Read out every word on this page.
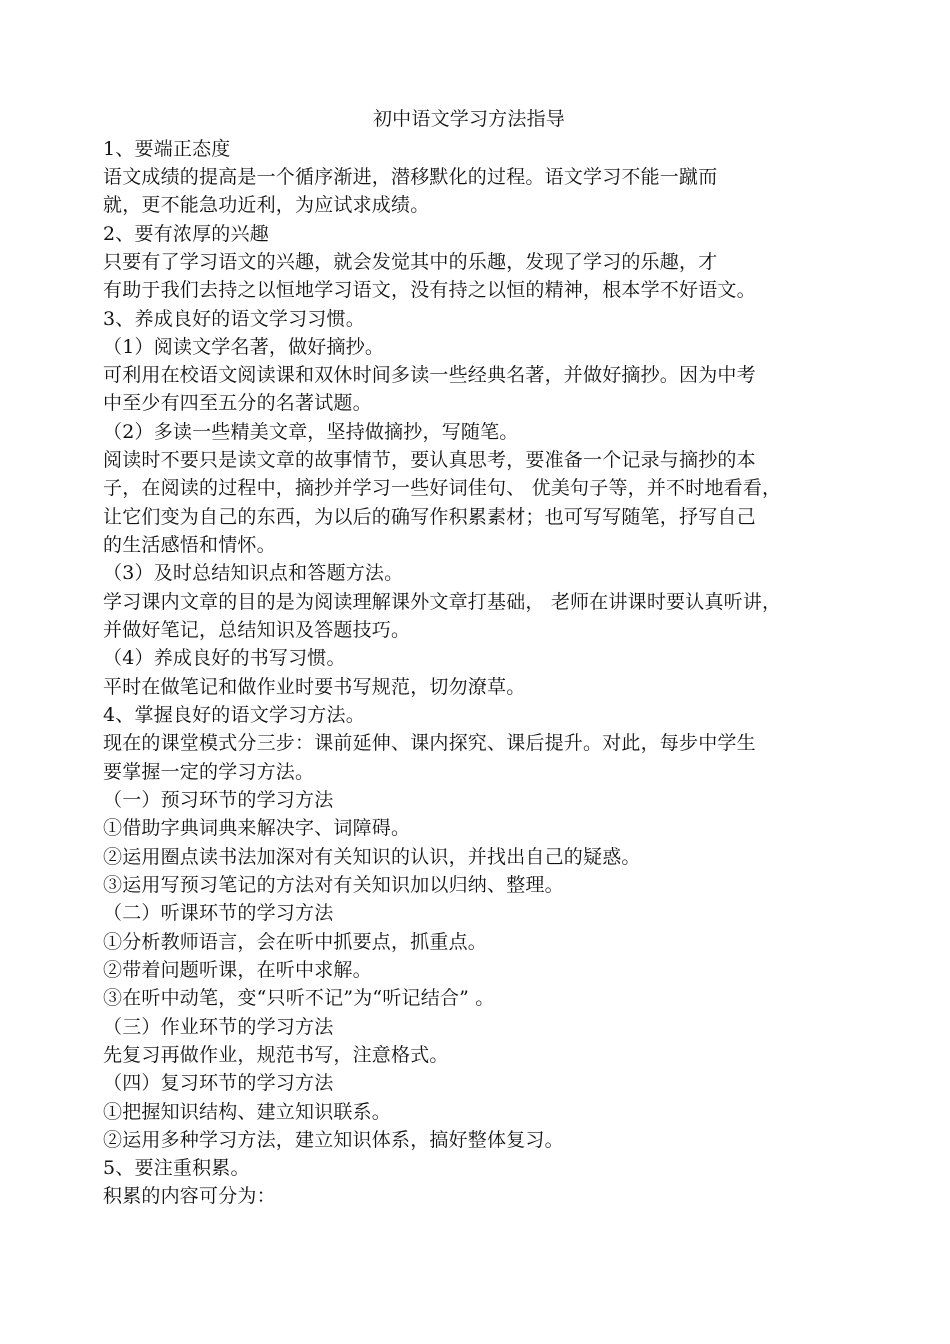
初中语文学习方法指导
1、要端正态度
语文成绩的提高是一个循序渐进，潜移默化的过程。语文学习不能一蹴而
就，更不能急功近利，为应试求成绩。
2、要有浓厚的兴趣
只要有了学习语文的兴趣，就会发觉其中的乐趣，发现了学习的乐趣，才
有助于我们去持之以恒地学习语文，没有持之以恒的精神，根本学不好语文。
3、养成良好的语文学习习惯。
（1）阅读文学名著，做好摘抄。
可利用在校语文阅读课和双休时间多读一些经典名著，并做好摘抄。因为中考
中至少有四至五分的名著试题。
（2）多读一些精美文章，坚持做摘抄，写随笔。
阅读时不要只是读文章的故事情节，要认真思考，要准备一个记录与摘抄的本
子，在阅读的过程中，摘抄并学习一些好词佳句、 优美句子等，并不时地看看，
让它们变为自己的东西，为以后的确写作积累素材；也可写写随笔，抒写自己
的生活感悟和情怀。
（3）及时总结知识点和答题方法。
学习课内文章的目的是为阅读理解课外文章打基础， 老师在讲课时要认真听讲，
并做好笔记，总结知识及答题技巧。
（4）养成良好的书写习惯。
平时在做笔记和做作业时要书写规范，切勿潦草。
4、掌握良好的语文学习方法。
现在的课堂模式分三步：课前延伸、课内探究、课后提升。对此，每步中学生
要掌握一定的学习方法。
（一）预习环节的学习方法
①借助字典词典来解决字、词障碍。
②运用圈点读书法加深对有关知识的认识，并找出自己的疑惑。
③运用写预习笔记的方法对有关知识加以归纳、整理。
（二）听课环节的学习方法
①分析教师语言，会在听中抓要点，抓重点。
②带着问题听课，在听中求解。
③在听中动笔，变“只听不记”为“听记结合” 。
（三）作业环节的学习方法
先复习再做作业，规范书写，注意格式。
（四）复习环节的学习方法
①把握知识结构、建立知识联系。
②运用多种学习方法，建立知识体系，搞好整体复习。
5、要注重积累。
积累的内容可分为：
